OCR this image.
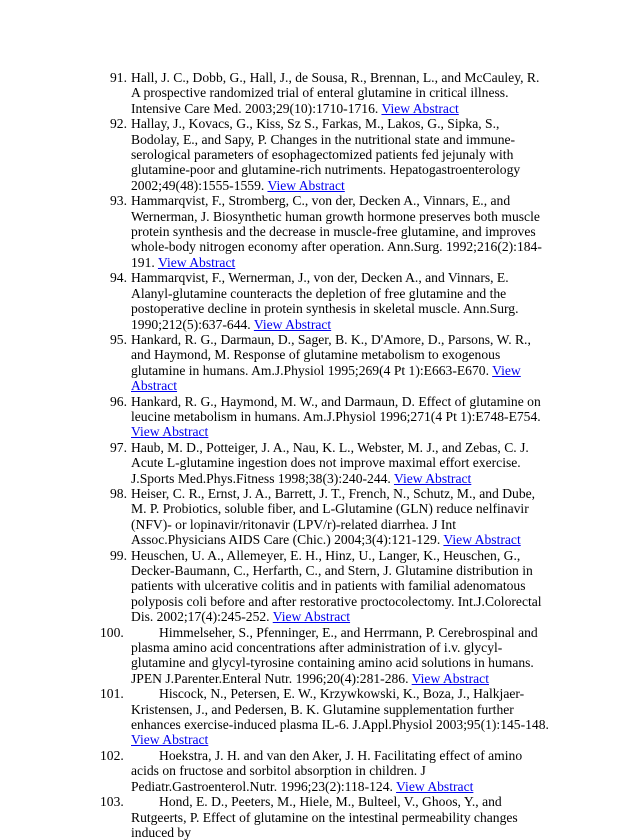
91. Hall, J. C., Dobb, G., Hall, J., de Sousa, R., Brennan, L., and McCauley, R. A prospective randomized trial of enteral glutamine in critical illness. Intensive Care Med. 2003;29(10):1710-1716. View Abstract

92. Hallay, J., Kovacs, G., Kiss, Sz S., Farkas, M., Lakos, G., Sipka, S., Bodolay, E., and Sapy, P. Changes in the nutritional state and immune-serological parameters of esophagectomized patients fed jejunaly with glutamine-poor and glutamine-rich nutriments. Hepatogastroenterology 2002;49(48):1555-1559. View Abstract

93. Hammarqvist, F., Stromberg, C., von der, Decken A., Vinnars, E., and Wernerman, J. Biosynthetic human growth hormone preserves both muscle protein synthesis and the decrease in muscle-free glutamine, and improves whole-body nitrogen economy after operation. Ann.Surg. 1992;216(2):184-191. View Abstract

94. Hammarqvist, F., Wernerman, J., von der, Decken A., and Vinnars, E. Alanyl-glutamine counteracts the depletion of free glutamine and the postoperative decline in protein synthesis in skeletal muscle. Ann.Surg. 1990;212(5):637-644. View Abstract

95. Hankard, R. G., Darmaun, D., Sager, B. K., D'Amore, D., Parsons, W. R., and Haymond, M. Response of glutamine metabolism to exogenous glutamine in humans. Am.J.Physiol 1995;269(4 Pt 1):E663-E670. View Abstract

96. Hankard, R. G., Haymond, M. W., and Darmaun, D. Effect of glutamine on leucine metabolism in humans. Am.J.Physiol 1996;271(4 Pt 1):E748-E754. View Abstract

97. Haub, M. D., Potteiger, J. A., Nau, K. L., Webster, M. J., and Zebas, C. J. Acute L-glutamine ingestion does not improve maximal effort exercise. J.Sports Med.Phys.Fitness 1998;38(3):240-244. View Abstract

98. Heiser, C. R., Ernst, J. A., Barrett, J. T., French, N., Schutz, M., and Dube, M. P. Probiotics, soluble fiber, and L-Glutamine (GLN) reduce nelfinavir (NFV)- or lopinavir/ritonavir (LPV/r)-related diarrhea. J Int Assoc.Physicians AIDS Care (Chic.) 2004;3(4):121-129. View Abstract

99. Heuschen, U. A., Allemeyer, E. H., Hinz, U., Langer, K., Heuschen, G., Decker-Baumann, C., Herfarth, C., and Stern, J. Glutamine distribution in patients with ulcerative colitis and in patients with familial adenomatous polyposis coli before and after restorative proctocolectomy. Int.J.Colorectal Dis. 2002;17(4):245-252. View Abstract

100.	Himmelseher, S., Pfenninger, E., and Herrmann, P. Cerebrospinal and plasma amino acid concentrations after administration of i.v. glycyl-glutamine and glycyl-tyrosine containing amino acid solutions in humans. JPEN J.Parenter.Enteral Nutr. 1996;20(4):281-286. View Abstract

101.	Hiscock, N., Petersen, E. W., Krzywkowski, K., Boza, J., Halkjaer-Kristensen, J., and Pedersen, B. K. Glutamine supplementation further enhances exercise-induced plasma IL-6. J.Appl.Physiol 2003;95(1):145-148. View Abstract

102.	Hoekstra, J. H. and van den Aker, J. H. Facilitating effect of amino acids on fructose and sorbitol absorption in children. J Pediatr.Gastroenterol.Nutr. 1996;23(2):118-124. View Abstract

103.	Hond, E. D., Peeters, M., Hiele, M., Bulteel, V., Ghoos, Y., and Rutgeerts, P. Effect of glutamine on the intestinal permeability changes induced by
